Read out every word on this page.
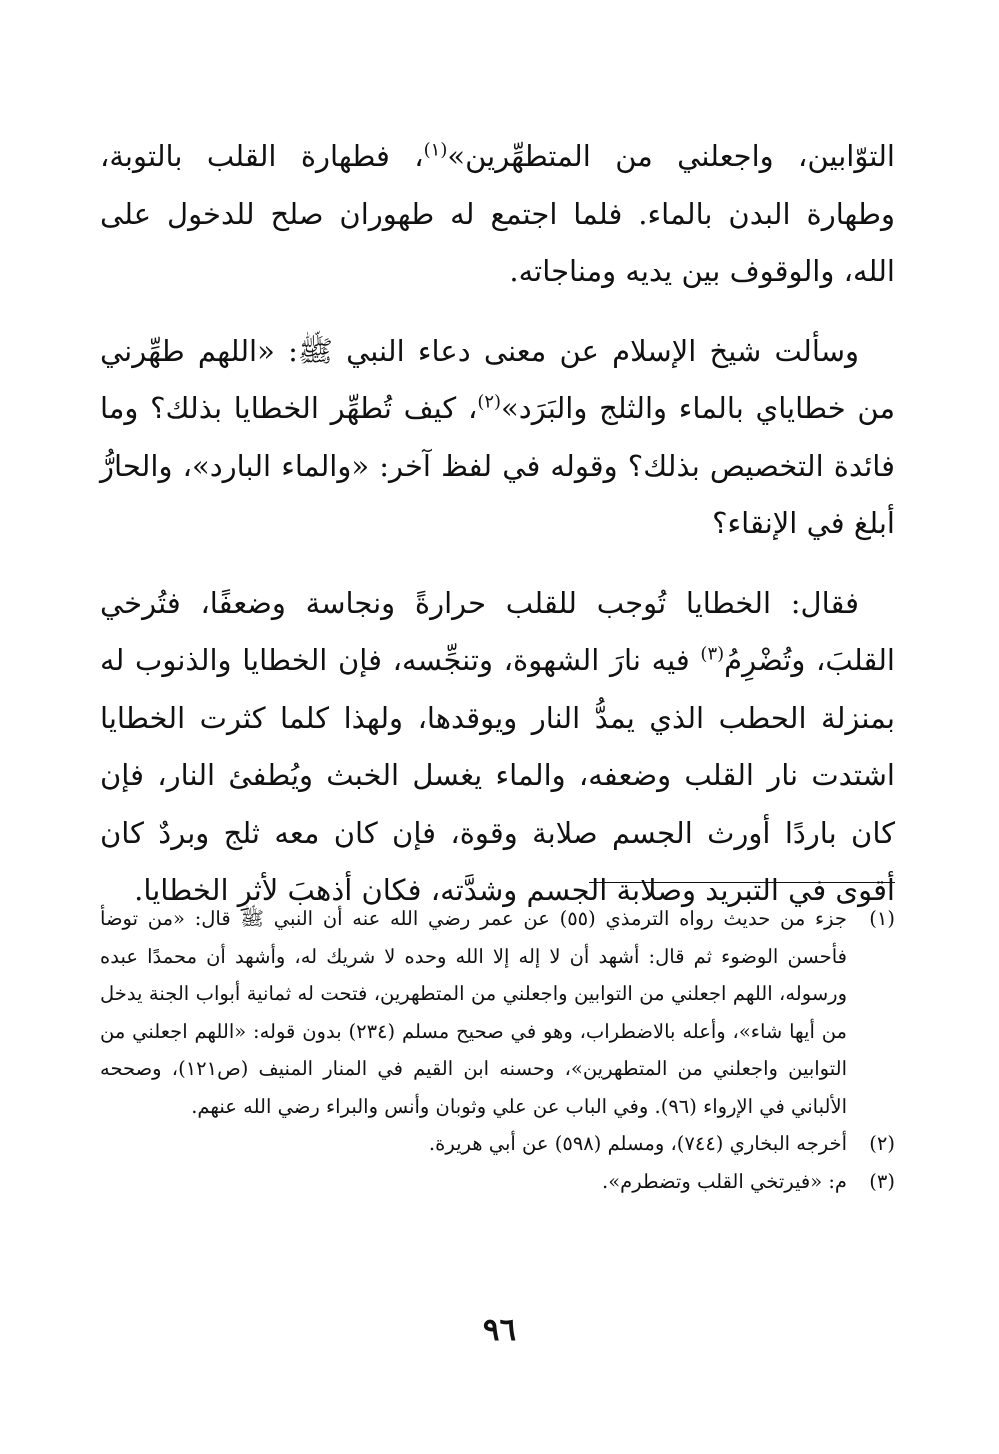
التوّابين، واجعلني من المتطهِّرين»$^{(١)}$، فطهارة القلب بالتوبة، وطهارة البدن بالماء. فلما اجتمع له طهوران صلح للدخول على الله، والوقوف بين يديه ومناجاته.

وسألت شيخ الإسلام عن معنى دعاء النبي ﷺ: «اللهم طهِّرني من خطاياي بالماء والثلج والبَرَد»$^{(٢)}$، كيف تُطهِّر الخطايا بذلك؟ وما فائدة التخصيص بذلك؟ وقوله في لفظ آخر: «والماء البارد»، والحارُّ أبلغ في الإنقاء؟

فقال: الخطايا تُوجب للقلب حرارةً ونجاسة وضعفًا، فتُرخي القلبَ، وتُضْرِمُ$^{(٣)}$ فيه نارَ الشهوة، وتنجِّسه، فإن الخطايا والذنوب له بمنزلة الحطب الذي يمدُّ النار ويوقدها، ولهذا كلما كثرت الخطايا اشتدت نار القلب وضعفه، والماء يغسل الخبث ويُطفئ النار، فإن كان باردًا أورث الجسم صلابة وقوة، فإن كان معه ثلج وبردٌ كان أقوى في التبريد وصلابة الجسم وشدَّته، فكان أذهبَ لأثرِ الخطايا.

(١)
جزء من حديث رواه الترمذي (٥٥) عن عمر رضي الله عنه أن النبي ﷺ قال: «من توضأ فأحسن الوضوء ثم قال: أشهد أن لا إله إلا الله وحده لا شريك له، وأشهد أن محمدًا عبده ورسوله، اللهم اجعلني من التوابين واجعلني من المتطهرين، فتحت له ثمانية أبواب الجنة يدخل من أيها شاء»، وأعله بالاضطراب، وهو في صحيح مسلم (٢٣٤) بدون قوله: «اللهم اجعلني من التوابين واجعلني من المتطهرين»، وحسنه ابن القيم في المنار المنيف (ص١٢١)، وصححه الألباني في الإرواء (٩٦). وفي الباب عن علي وثوبان وأنس والبراء رضي الله عنهم.
(٢)
أخرجه البخاري (٧٤٤)، ومسلم (٥٩٨) عن أبي هريرة.
(٣)
م: «فيرتخي القلب وتضطرم».
٩٦
